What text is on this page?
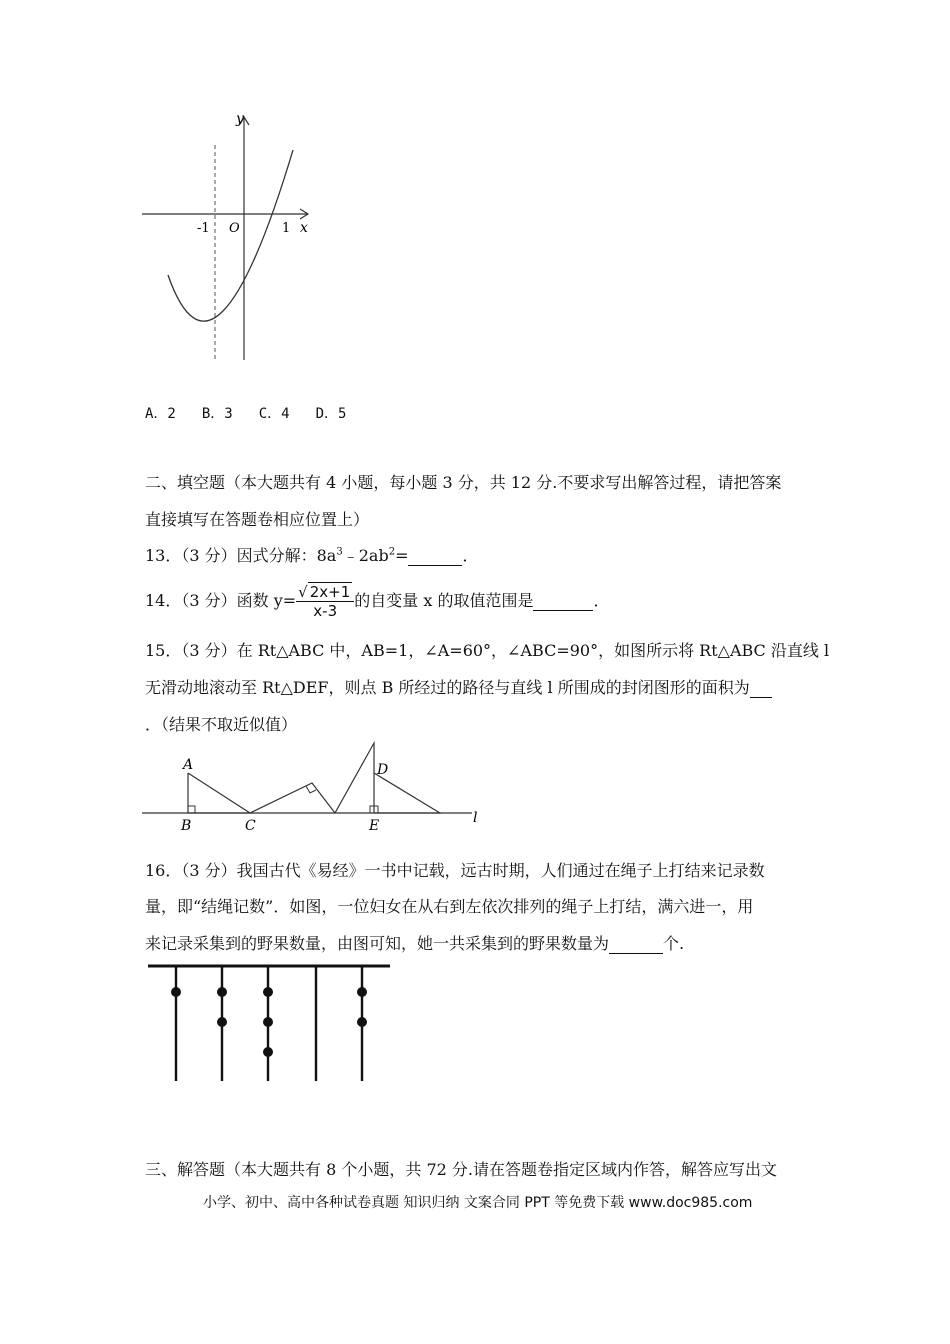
y
x
-1 O	1
A．2 B．3 C．4 D．5
二、填空题（本大题共有 4 小题，每小题 3 分，共 12 分.不要求写出解答过程，请把答案
直接填写在答题卷相应位置上）
13．（3 分）因式分解：$8a^3﹣2ab^2=$	．
14．（3 分）函数 $y= \frac{√ 2x+1}{x-3}$ 的自变量 x 的取值范围是	．
15．（3 分）在 Rt△ABC 中，AB=1，∠A=60°，∠ABC=90°，如图所示将 Rt△ABC 沿直线 l
无滑动地滚动至 Rt△DEF，则点 B 所经过的路径与直线 l 所围成的封闭图形的面积为
．（结果不取近似值）
A
B	C
D
E	l
16．（3 分）我国古代《易经》一书中记载，远古时期，人们通过在绳子上打结来记录数
量，即“结绳记数”．如图，一位妇女在从右到左依次排列的绳子上打结，满六进一，用
来记录采集到的野果数量，由图可知，她一共采集到的野果数量为	个.
三、解答题（本大题共有 8 个小题，共 72 分.请在答题卷指定区域内作答，解答应写出文
小学、初中、高中各种试卷真题 知识归纳 文案合同 PPT 等免费下载 www.doc985.com
